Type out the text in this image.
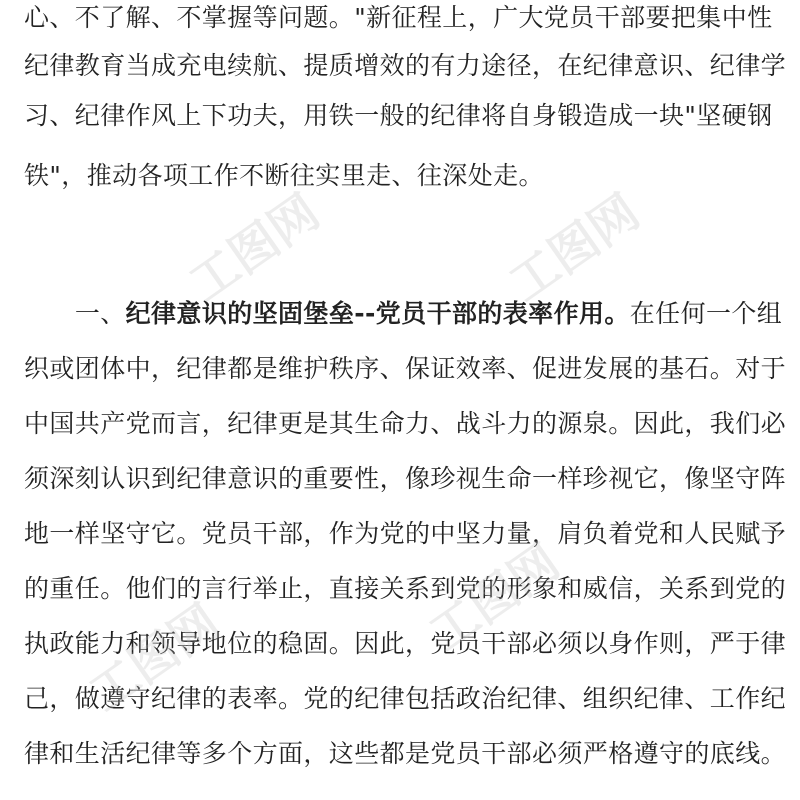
心、不了解、不掌握等问题。"新征程上，广大党员干部要把集中性
纪律教育当成充电续航、提质增效的有力途径，在纪律意识、纪律学
习、纪律作风上下功夫，用铁一般的纪律将自身锻造成一块"坚硬钢
铁"，推动各项工作不断往实里走、往深处走。
　　一、纪律意识的坚固堡垒--党员干部的表率作用。在任何一个组
织或团体中，纪律都是维护秩序、保证效率、促进发展的基石。对于
中国共产党而言，纪律更是其生命力、战斗力的源泉。因此，我们必
须深刻认识到纪律意识的重要性，像珍视生命一样珍视它，像坚守阵
地一样坚守它。党员干部，作为党的中坚力量，肩负着党和人民赋予
的重任。他们的言行举止，直接关系到党的形象和威信，关系到党的
执政能力和领导地位的稳固。因此，党员干部必须以身作则，严于律
己，做遵守纪律的表率。党的纪律包括政治纪律、组织纪律、工作纪
律和生活纪律等多个方面，这些都是党员干部必须严格遵守的底线。
工图网	工图网
工图网	工图网
